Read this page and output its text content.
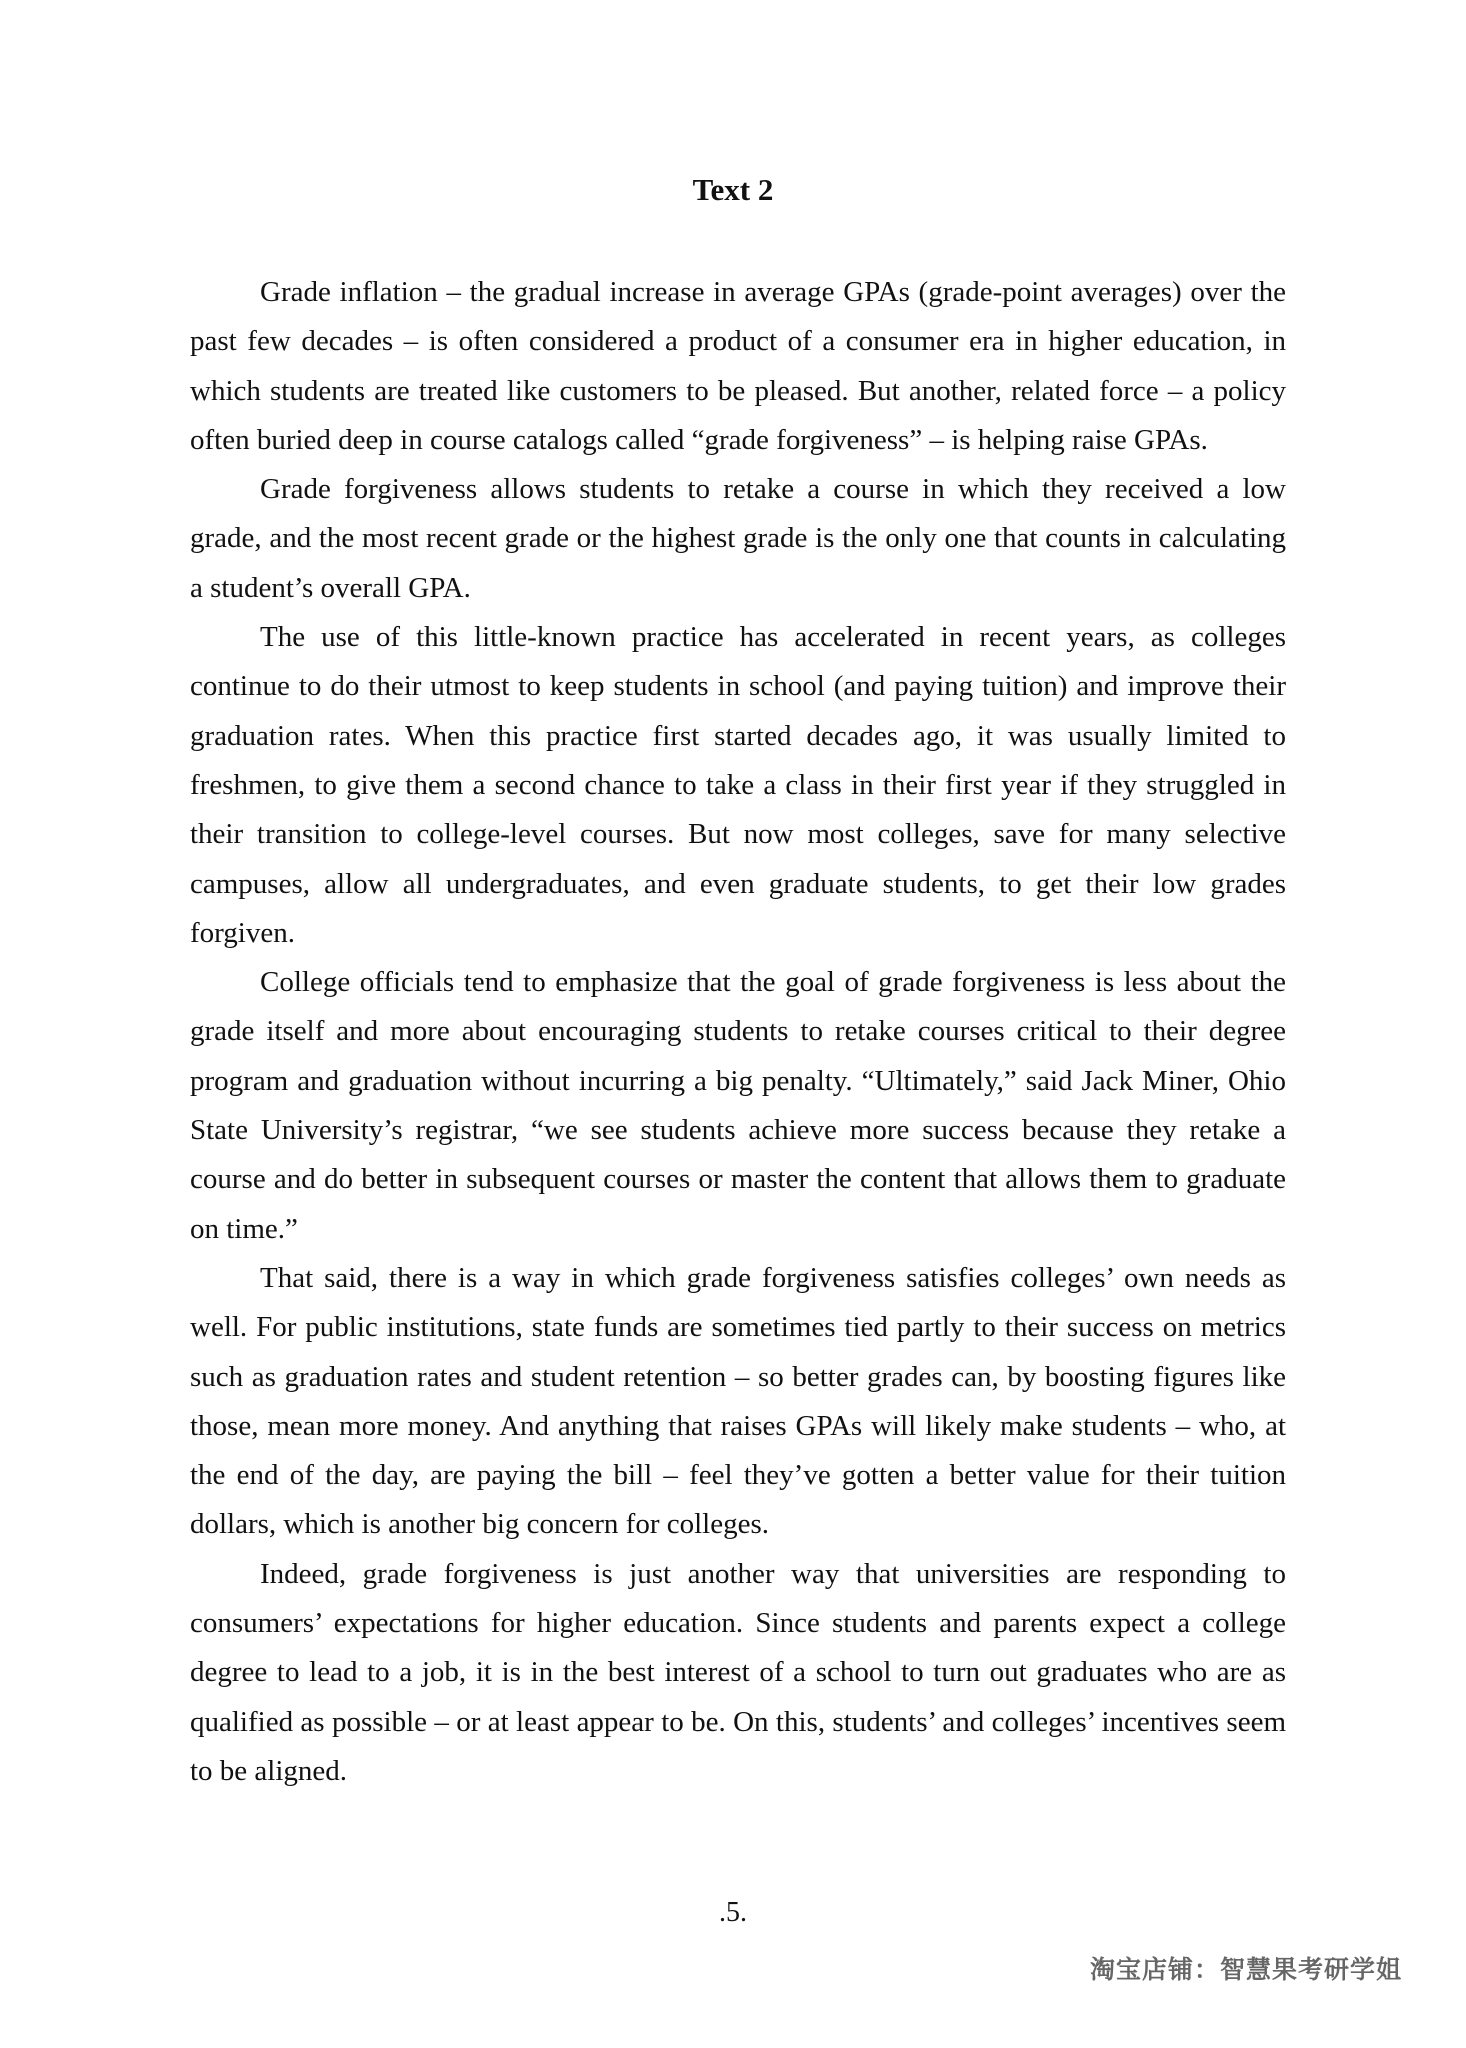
Text 2

Grade inflation – the gradual increase in average GPAs (grade-point averages) over the past few decades – is often considered a product of a consumer era in higher education, in which students are treated like customers to be pleased. But another, related force – a policy often buried deep in course catalogs called “grade forgiveness” – is helping raise GPAs.

Grade forgiveness allows students to retake a course in which they received a low grade, and the most recent grade or the highest grade is the only one that counts in calculating a student’s overall GPA.

The use of this little-known practice has accelerated in recent years, as colleges continue to do their utmost to keep students in school (and paying tuition) and improve their graduation rates. When this practice first started decades ago, it was usually limited to freshmen, to give them a second chance to take a class in their first year if they struggled in their transition to college-level courses. But now most colleges, save for many selective campuses, allow all undergraduates, and even graduate students, to get their low grades forgiven.

College officials tend to emphasize that the goal of grade forgiveness is less about the grade itself and more about encouraging students to retake courses critical to their degree program and graduation without incurring a big penalty. “Ultimately,” said Jack Miner, Ohio State University’s registrar, “we see students achieve more success because they retake a course and do better in subsequent courses or master the content that allows them to graduate on time.”

That said, there is a way in which grade forgiveness satisfies colleges’ own needs as well. For public institutions, state funds are sometimes tied partly to their success on metrics such as graduation rates and student retention – so better grades can, by boosting figures like those, mean more money. And anything that raises GPAs will likely make students – who, at the end of the day, are paying the bill – feel they’ve gotten a better value for their tuition dollars, which is another big concern for colleges.

Indeed, grade forgiveness is just another way that universities are responding to consumers’ expectations for higher education. Since students and parents expect a college degree to lead to a job, it is in the best interest of a school to turn out graduates who are as qualified as possible – or at least appear to be. On this, students’ and colleges’ incentives seem to be aligned.

.5.
淘宝店铺：智慧果考研学姐
